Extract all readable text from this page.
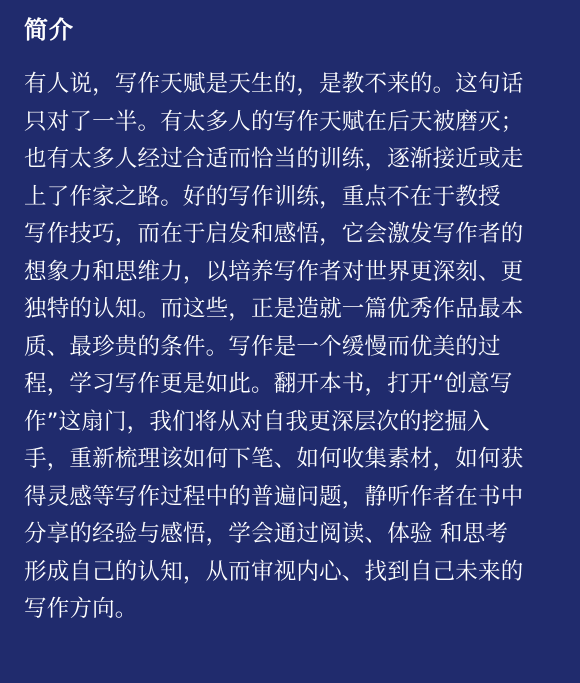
简介
有人说，写作天赋是天生的，是教不来的。这句话
只对了一半。有太多人的写作天赋在后天被磨灭；
也有太多人经过合适而恰当的训练，逐渐接近或走
上了作家之路。好的写作训练，重点不在于教授
写作技巧，而在于启发和感悟，它会激发写作者的
想象力和思维力，以培养写作者对世界更深刻、更
独特的认知。而这些，正是造就一篇优秀作品最本
质、最珍贵的条件。写作是一个缓慢而优美的过
程，学习写作更是如此。翻开本书，打开“创意写
作”这扇门，我们将从对自我更深层次的挖掘入
手，重新梳理该如何下笔、如何收集素材，如何获
得灵感等写作过程中的普遍问题，静听作者在书中
分享的经验与感悟，学会通过阅读、体验 和思考
形成自己的认知，从而审视内心、找到自己未来的
写作方向。
